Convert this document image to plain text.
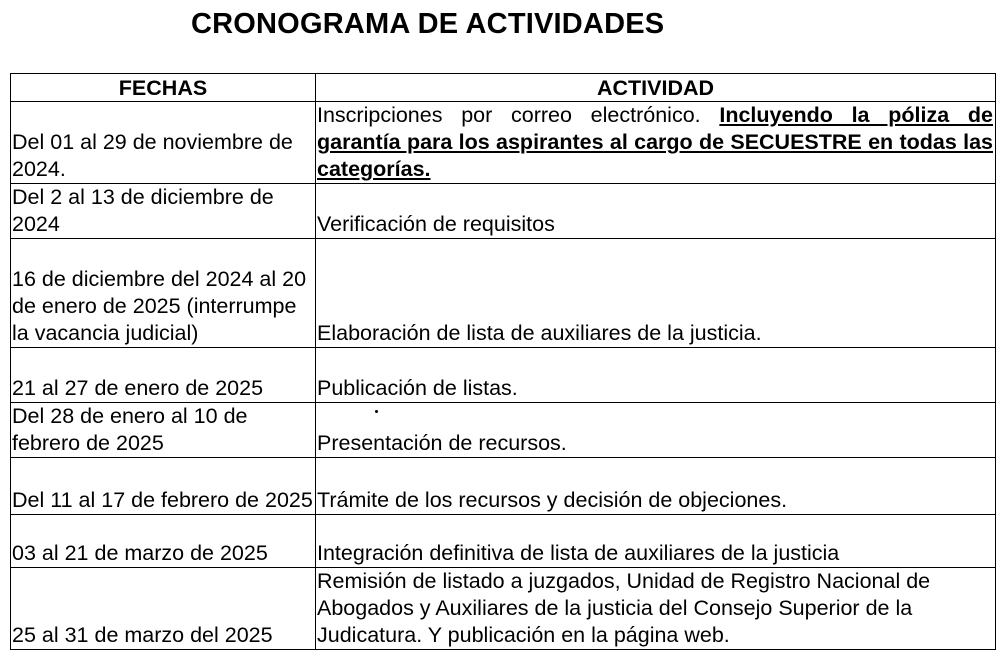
CRONOGRAMA DE ACTIVIDADES
FECHAS	ACTIVIDAD

Del 01 al 29 de noviembre de 2024.	Inscripciones por correo electrónico. Incluyendo la póliza de garantía para los aspirantes al cargo de SECUESTRE en todas las categorías.

Del 2 al 13 de diciembre de 2024	Verificación de requisitos

16 de diciembre del 2024 al 20 de enero de 2025 (interrumpe la vacancia judicial)	Elaboración de lista de auxiliares de la justicia.

21 al 27 de enero de 2025	Publicación de listas.

Del 28 de enero al 10 de febrero de 2025	Presentación de recursos.

Del 11 al 17 de febrero de 2025	Trámite de los recursos y decisión de objeciones.

03 al 21 de marzo de 2025	Integración definitiva de lista de auxiliares de la justicia

25 al 31 de marzo del 2025	Remisión de listado a juzgados, Unidad de Registro Nacional de Abogados y Auxiliares de la justicia del Consejo Superior de la Judicatura. Y publicación en la página web.
